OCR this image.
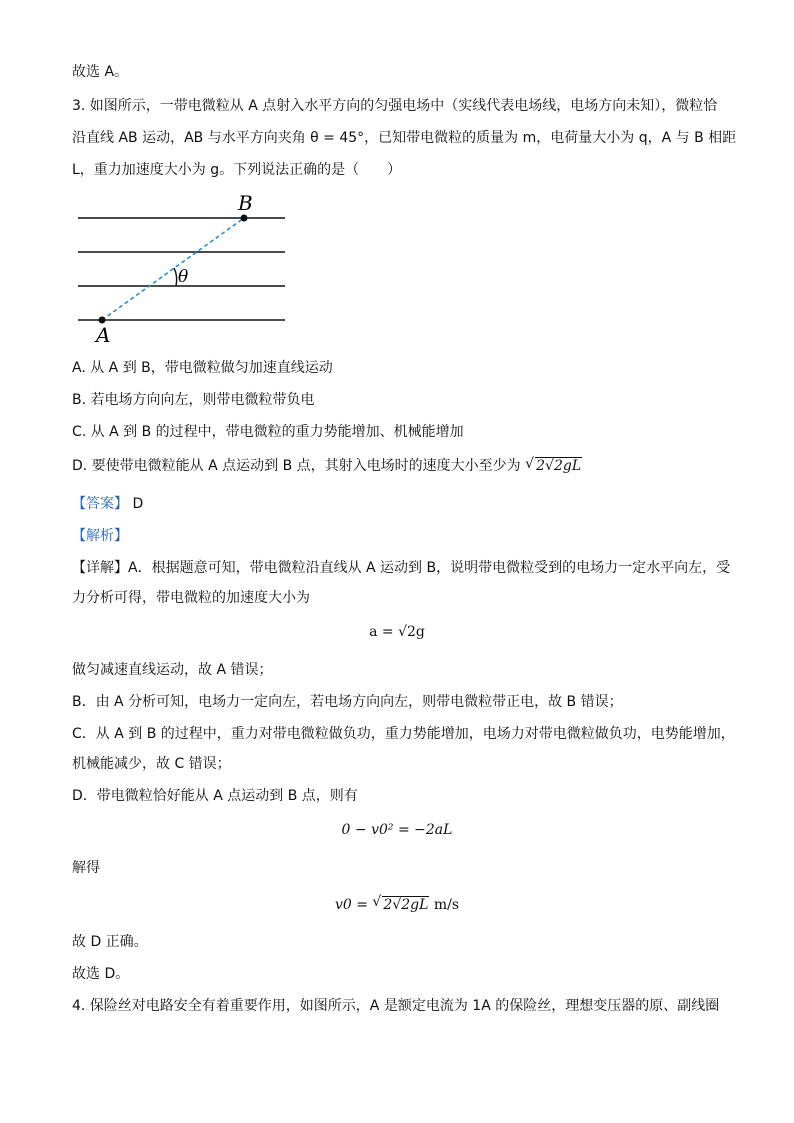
故选 A。
3. 如图所示，一带电微粒从 A 点射入水平方向的匀强电场中（实线代表电场线，电场方向未知），微粒恰
沿直线 AB 运动，AB 与水平方向夹角 θ = 45°，已知带电微粒的质量为 m，电荷量大小为 q，A 与 B 相距
L，重力加速度大小为 g。下列说法正确的是（　　）
B
A
θ
A. 从 A 到 B，带电微粒做匀加速直线运动
B. 若电场方向向左，则带电微粒带负电
C. 从 A 到 B 的过程中，带电微粒的重力势能增加、机械能增加
D. 要使带电微粒能从 A 点运动到 B 点，其射入电场时的速度大小至少为 √ 2√2gL
【答案】 D
【解析】
【详解】A．根据题意可知，带电微粒沿直线从 A 运动到 B，说明带电微粒受到的电场力一定水平向左，受
力分析可得，带电微粒的加速度大小为
a = √2g
做匀减速直线运动，故 A 错误；
B．由 A 分析可知，电场力一定向左，若电场方向向左，则带电微粒带正电，故 B 错误；
C．从 A 到 B 的过程中，重力对带电微粒做负功，重力势能增加，电场力对带电微粒做负功，电势能增加，
机械能减少，故 C 错误；
D．带电微粒恰好能从 A 点运动到 B 点，则有
0 − v0² = −2aL
解得
v0 = √ 2√2gL m/s
故 D 正确。
故选 D。
4. 保险丝对电路安全有着重要作用，如图所示，A 是额定电流为 1A 的保险丝，理想变压器的原、副线圈
